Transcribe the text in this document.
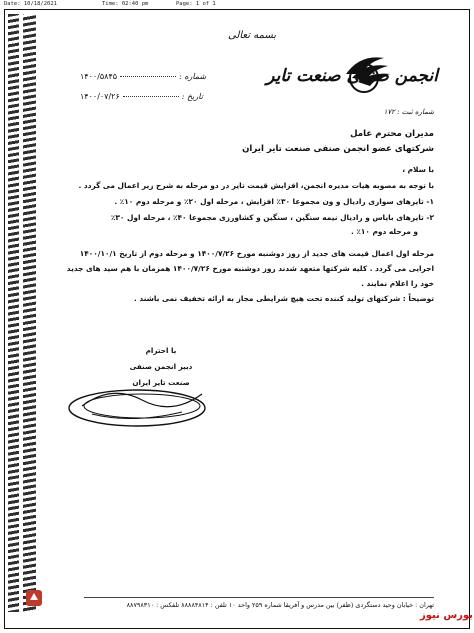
Date: 10/18/2021	Time: 02:40 pm	Page: 1 of 1
بسمه تعالی
انجمن صنفی صنعت تایر
شماره ثبت : ۱۷۲
شماره :۱۴۰۰/۵۸۴۵
تاریخ :۱۴۰۰/۰۷/۲۶
مدیران محترم عامل
شرکتهای عضو انجمن صنفی صنعت تایر ایران
با سلام ،
با توجه به مصوبه هیات مدیره انجمن، افزایش قیمت تایر در دو مرحله به شرح زیر اعمال می گردد .
۱- تایرهای سواری رادیال و ون مجموعا ۳۰٪ افزایش ، مرحله اول ۲۰٪ و مرحله دوم ۱۰٪ .
۲- تایرهای بایاس و رادیال نیمه سنگین ، سنگین و کشاورزی مجموعا ۴۰٪ ، مرحله اول ۳۰٪
و مرحله دوم ۱۰٪ .
مرحله اول اعمال قیمت های جدید از روز دوشنبه مورخ ۱۴۰۰/۷/۲۶ و مرحله دوم از تاریخ ۱۴۰۰/۱۰/۱
اجرایی می گردد . کلیه شرکتها متعهد شدند روز دوشنبه مورخ ۱۴۰۰/۷/۲۶ همزمان با هم سید های جدید
خود را اعلام نمایند .
توضیحاً : شرکتهای تولید کننده تحت هیچ شرایطی مجاز به ارائه تخفیف نمی باشند .
با احترام
دبیر انجمن صنفی
صنعت تایر ایران
تهران : خیابان وحید دستگردی (ظفر) بین مدرس و آفریقا شماره ۲۵۹ واحد ۱۰ تلفن : ۸۸۸۸۴۸۱۴ تلفکس : ۸۸۷۹۸۳۱۰
بورس نیوز
